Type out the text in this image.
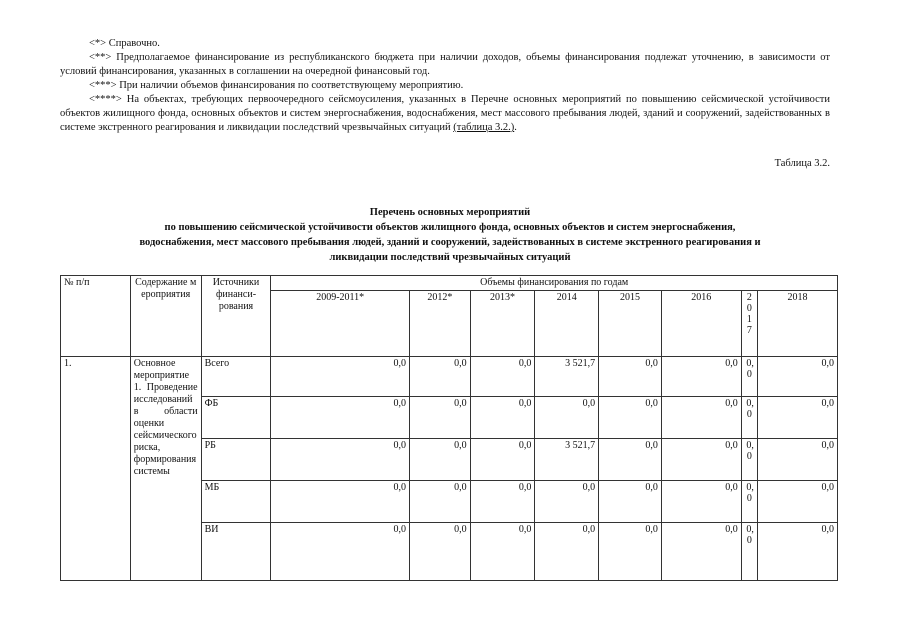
<*> Справочно.

<**> Предполагаемое финансирование из республиканского бюджета при наличии доходов, объемы финансирования подлежат уточнению, в зависимости от условий финансирования, указанных в соглашении на очередной финансовый год.

<***> При наличии объемов финансирования по соответствующему мероприятию.

<****> На объектах, требующих первоочередного сейсмоусиления, указанных в Перечне основных мероприятий по повышению сейсмической устойчивости объектов жилищного фонда, основных объектов и систем энергоснабжения, водоснабжения, мест массового пребывания людей, зданий и сооружений, задействованных в системе экстренного реагирования и ликвидации последствий чрезвычайных ситуаций (таблица 3.2.).

Таблица 3.2.
Перечень основных мероприятий
по повышению сейсмической устойчивости объектов жилищного фонда, основных объектов и систем энергоснабжения,
водоснабжения, мест массового пребывания людей, зданий и сооружений, задействованных в системе экстренного реагирования и
ликвидации последствий чрезвычайных ситуаций
№ п/п	Содержание мероприятия	Источники финанси-рования	Объемы финансирования по годам							
			2009-2011*	2012*	2013*	2014	2015	2016	2017	2018
1.	Основное мероприятие 1. Проведение исследований в области оценки сейсмического риска, формирования системы	Всего	0,0	0,0	0,0	3 521,7	0,0	0,0	0,0	0,0
		ФБ	0,0	0,0	0,0	0,0	0,0	0,0	0,0	0,0
		РБ	0,0	0,0	0,0	3 521,7	0,0	0,0	0,0	0,0
		МБ	0,0	0,0	0,0	0,0	0,0	0,0	0,0	0,0
		ВИ	0,0	0,0	0,0	0,0	0,0	0,0	0,0	0,0
